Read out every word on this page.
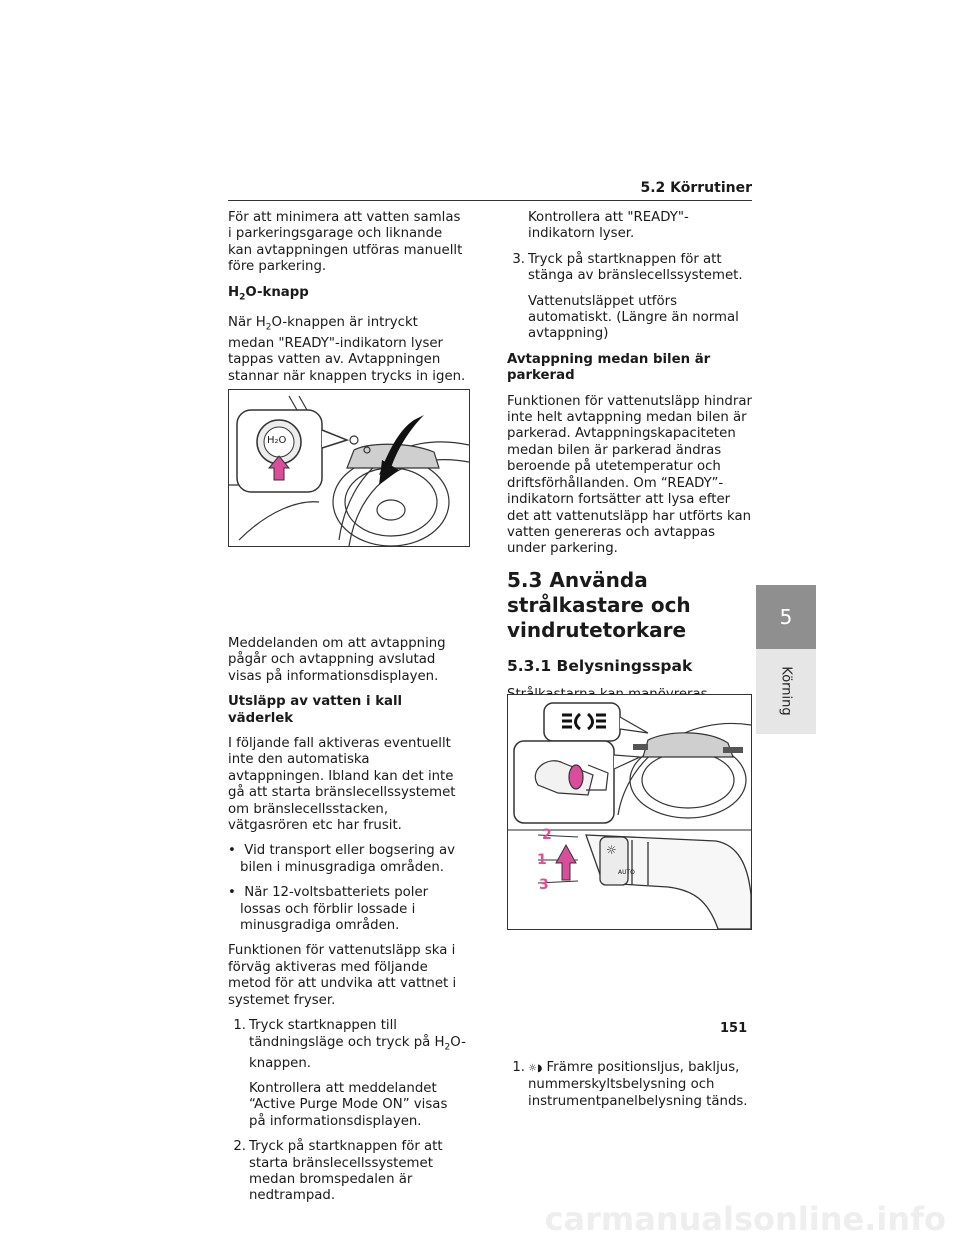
5.2 Körrutiner

För att minimera att vatten samlas i parkeringsgarage och liknande kan avtappningen utföras manuellt före parkering.

$H_2O$-knapp

När $H_2O$-knappen är intryckt medan "READY"-indikatorn lyser tappas vatten av. Avtappningen stannar när knappen trycks in igen.

Meddelanden om att avtappning pågår och avtappning avslutad visas på informationsdisplayen.

Utsläpp av vatten i kall väderlek

I följande fall aktiveras eventuellt inte den automatiska avtappningen. Ibland kan det inte gå att starta bränslecellssystemet om bränslecellsstacken, vätgasrören etc har frusit.

•  Vid transport eller bogsering av bilen i minusgradiga områden.

•  När 12-voltsbatteriets poler lossas och förblir lossade i minusgradiga områden.

Funktionen för vattenutsläpp ska i förväg aktiveras med följande metod för att undvika att vattnet i systemet fryser.

1. Tryck startknappen till tändningsläge och tryck på $H_2O$-knappen.

Kontrollera att meddelandet “Active Purge Mode ON” visas på informationsdisplayen.

2. Tryck på startknappen för att starta bränslecellssystemet medan bromspedalen är nedtrampad.

H₂O

Kontrollera att "READY"-indikatorn lyser.

3. Tryck på startknappen för att stänga av bränslecellssystemet.

Vattenutsläppet utförs automatiskt. (Längre än normal avtappning)

Avtappning medan bilen är parkerad

Funktionen för vattenutsläpp hindrar inte helt avtappning medan bilen är parkerad. Avtappningskapaciteten medan bilen är parkerad ändras beroende på utetemperatur och driftsförhållanden. Om “READY”-indikatorn fortsätter att lysa efter det att vattenutsläpp har utförts kan vatten genereras och avtappas under parkering.

5.3 Använda strålkastare och vindrutetorkare
5.3.1 Belysningsspak

1. ☼◗ Främre positionsljus, bakljus, nummerskyltsbelysning och instrumentpanelbelysning tänds.

2
1
3
AUTO
☼
5
Körning
151
carmanualsonline.info
